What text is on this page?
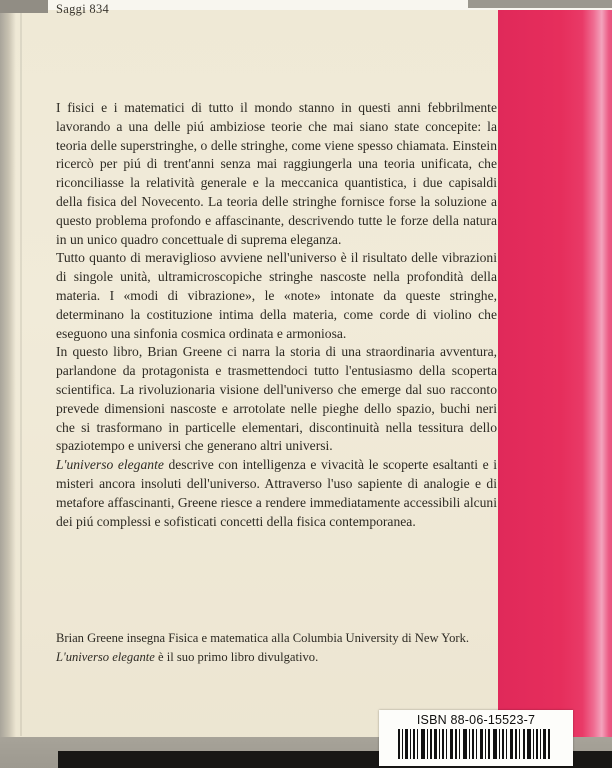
Saggi 834

I fisici e i matematici di tutto il mondo stanno in questi anni febbrilmente lavorando a una delle piú ambiziose teorie che mai siano state concepite: la teoria delle superstringhe, o delle stringhe, come viene spesso chiamata. Einstein ricercò per piú di trent'anni senza mai raggiungerla una teoria unificata, che riconciliasse la relatività generale e la meccanica quantistica, i due capisaldi della fisica del Novecento. La teoria delle stringhe fornisce forse la soluzione a questo problema profondo e affascinante, descrivendo tutte le forze della natura in un unico quadro concettuale di suprema eleganza.

Tutto quanto di meraviglioso avviene nell'universo è il risultato delle vibrazioni di singole unità, ultramicroscopiche stringhe nascoste nella profondità della materia. I «modi di vibrazione», le «note» intonate da queste stringhe, determinano la costituzione intima della materia, come corde di violino che eseguono una sinfonia cosmica ordinata e armoniosa.

In questo libro, Brian Greene ci narra la storia di una straordinaria avventura, parlandone da protagonista e trasmettendoci tutto l'entusiasmo della scoperta scientifica. La rivoluzionaria visione dell'universo che emerge dal suo racconto prevede dimensioni nascoste e arrotolate nelle pieghe dello spazio, buchi neri che si trasformano in particelle elementari, discontinuità nella tessitura dello spaziotempo e universi che generano altri universi.

L'universo elegante descrive con intelligenza e vivacità le scoperte esaltanti e i misteri ancora insoluti dell'universo. Attraverso l'uso sapiente di analogie e di metafore affascinanti, Greene riesce a rendere immediatamente accessibili alcuni dei piú complessi e sofisticati concetti della fisica contemporanea.

Brian Greene insegna Fisica e matematica alla Columbia University di New York. L'universo elegante è il suo primo libro divulgativo.
ISBN 88-06-15523-7
